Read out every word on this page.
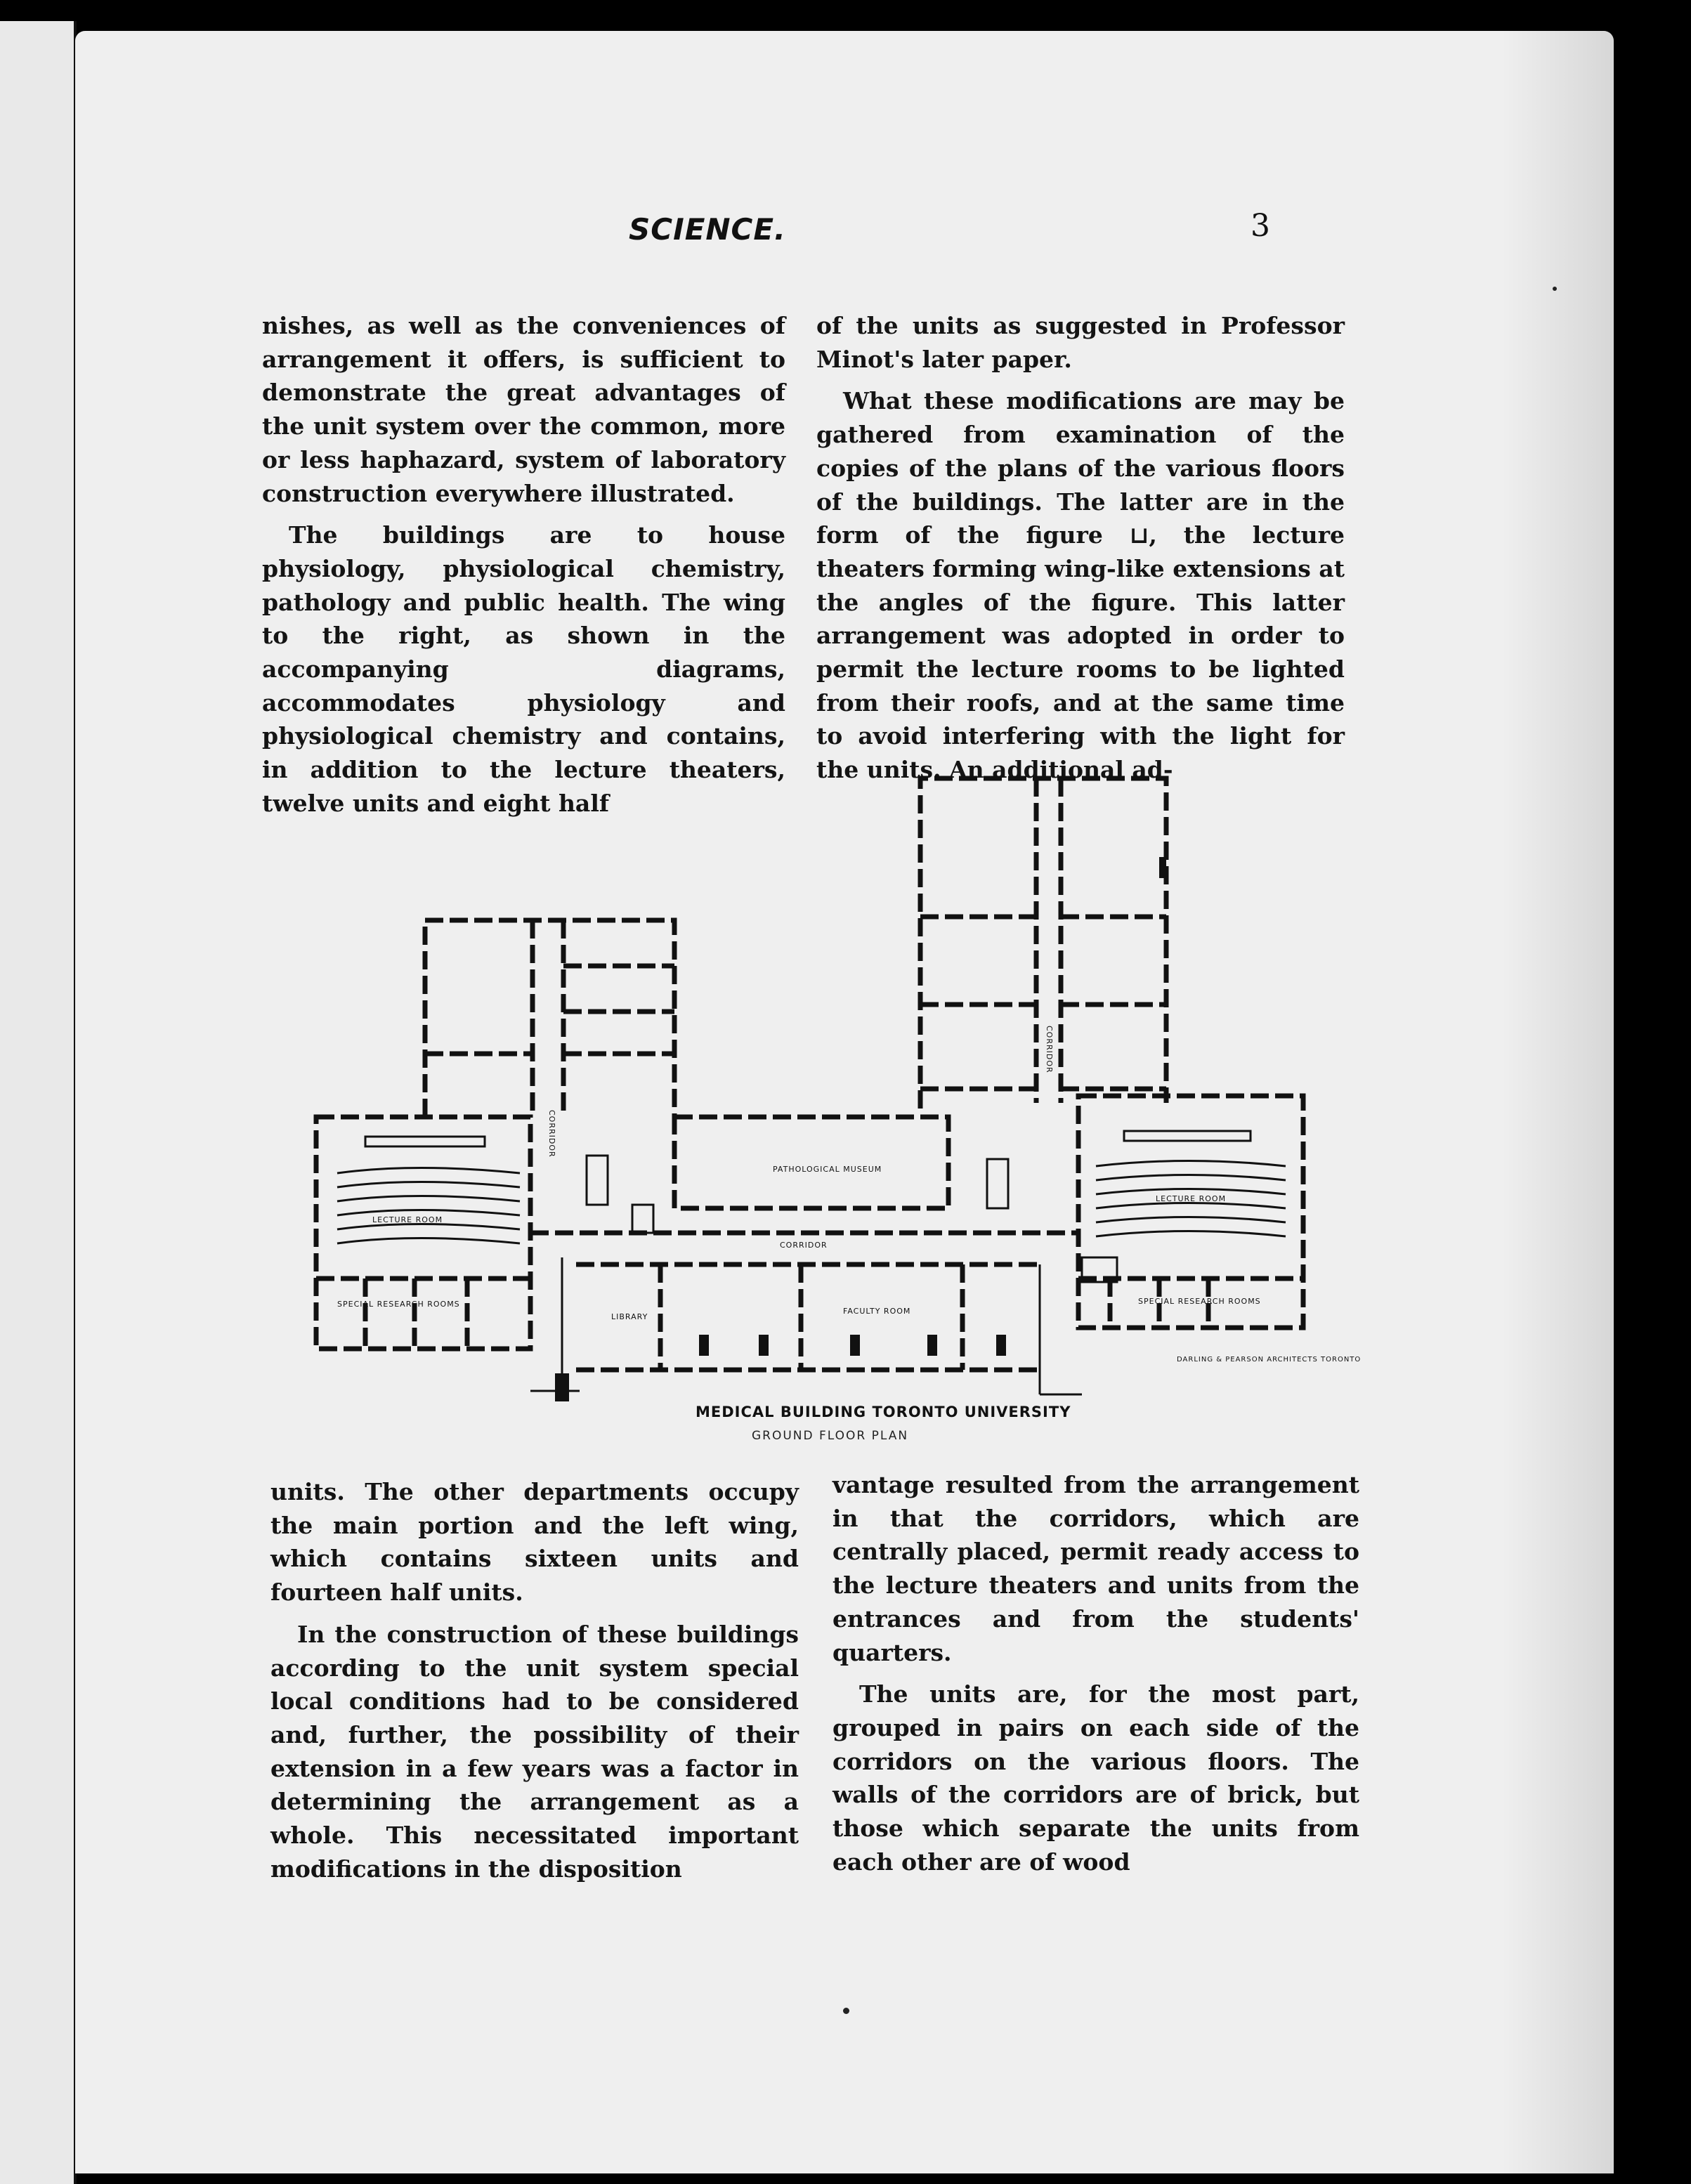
SCIENCE.	3

nishes, as well as the conveniences of arrangement it offers, is sufficient to demonstrate the great advantages of the unit system over the common, more or less haphazard, system of laboratory construction everywhere illustrated.

The buildings are to house physiology, physiological chemistry, pathology and public health. The wing to the right, as shown in the accompanying diagrams, accommodates physiology and physiological chemistry and contains, in addition to the lecture theaters, twelve units and eight half

of the units as suggested in Professor Minot's later paper.

What these modifications are may be gathered from examination of the copies of the plans of the various floors of the buildings. The latter are in the form of the figure ⊔, the lecture theaters forming wing-like extensions at the angles of the figure. This latter arrangement was adopted in order to permit the lecture rooms to be lighted from their roofs, and at the same time to avoid interfering with the light for the units. An additional ad-

PATHOLOGICAL MUSEUM
CORRIDOR
LIBRARY
FACULTY ROOM
LECTURE ROOM
LECTURE ROOM
SPECIAL RESEARCH ROOMS	SPECIAL RESEARCH ROOMS
DARLING & PEARSON ARCHITECTS TORONTO
CORRIDOR
CORRIDOR
MEDICAL BUILDING TORONTO UNIVERSITY
GROUND FLOOR PLAN

units. The other departments occupy the main portion and the left wing, which contains sixteen units and fourteen half units.

In the construction of these buildings according to the unit system special local conditions had to be considered and, further, the possibility of their extension in a few years was a factor in determining the arrangement as a whole. This necessitated important modifications in the disposition

vantage resulted from the arrangement in that the corridors, which are centrally placed, permit ready access to the lecture theaters and units from the entrances and from the students' quarters.

The units are, for the most part, grouped in pairs on each side of the corridors on the various floors. The walls of the corridors are of brick, but those which separate the units from each other are of wood
